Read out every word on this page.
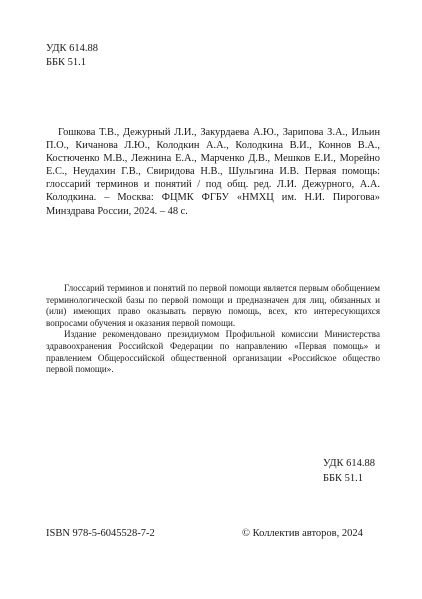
УДК 614.88
ББК 51.1
Гошкова Т.В., Дежурный Л.И., Закурдаева А.Ю., Зарипова З.А., Ильин П.О., Кичанова Л.Ю., Колодкин А.А., Колодкина В.И., Коннов В.А., Костюченко М.В., Лежнина Е.А., Марченко Д.В., Мешков Е.И., Морейно Е.С., Неудахин Г.В., Свиридова Н.В., Шульгина И.В. Первая помощь: глоссарий терминов и понятий / под общ. ред. Л.И. Дежурного, А.А. Колодкина. – Москва: ФЦМК ФГБУ «НМХЦ им. Н.И. Пирогова» Минздрава России, 2024. – 48 с.

Глоссарий терминов и понятий по первой помощи является первым обобщением терминологической базы по первой помощи и предназначен для лиц, обязанных и (или) имеющих право оказывать первую помощь, всех, кто интересующихся вопросами обучения и оказания первой помощи.

Издание рекомендовано президиумом Профильной комиссии Министерства здравоохранения Российской Федерации по направлению «Первая помощь» и правлением Общероссийской общественной организации «Российское общество первой помощи».

УДК 614.88
ББК 51.1
ISBN 978-5-6045528-7-2	© Коллектив авторов, 2024
